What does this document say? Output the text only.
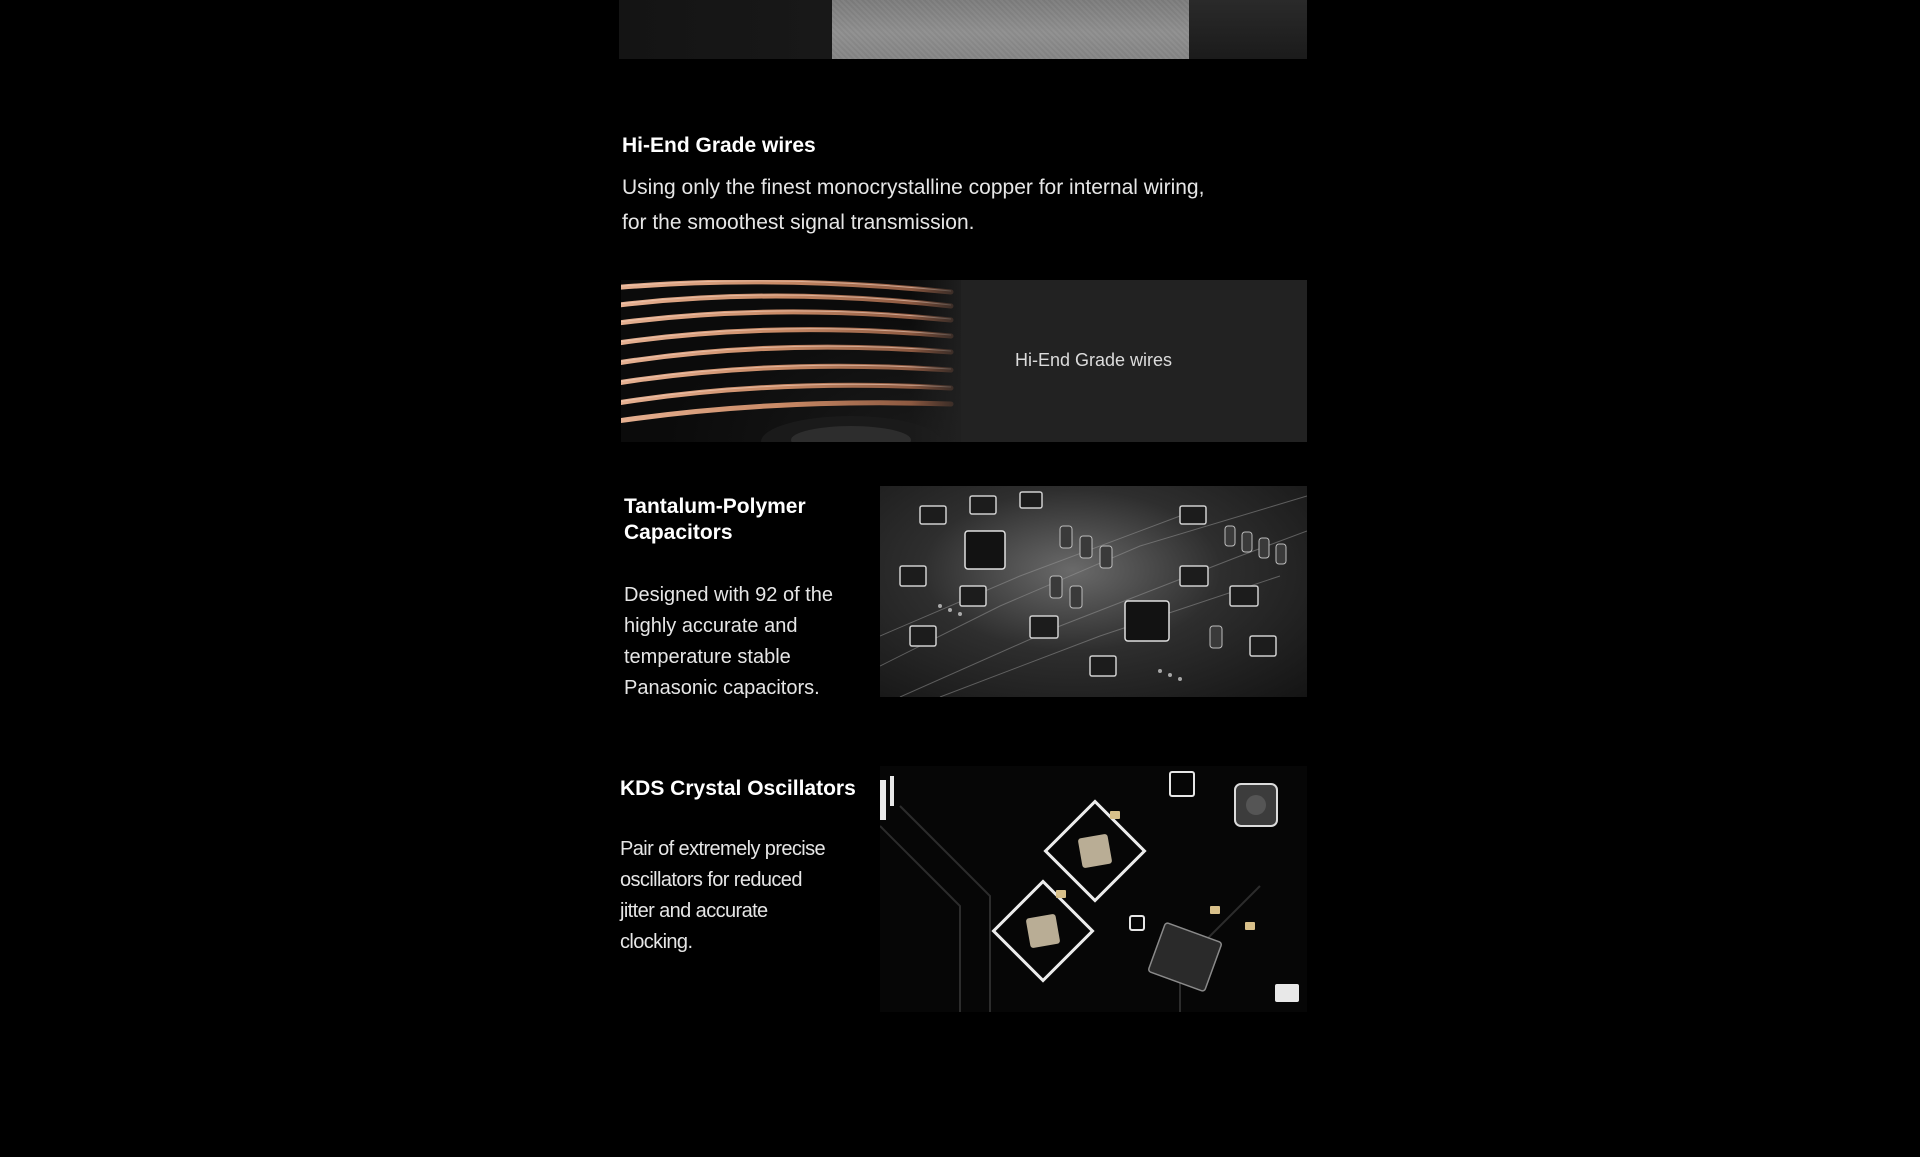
Hi-End Grade wires
Using only the finest monocrystalline copper for internal wiring,
for the smoothest signal transmission.
Hi-End Grade wires
Tantalum-Polymer
Capacitors
Designed with 92 of the
highly accurate and
temperature stable
Panasonic capacitors.
KDS Crystal Oscillators
Pair of extremely precise
oscillators for reduced
jitter and accurate
clocking.
